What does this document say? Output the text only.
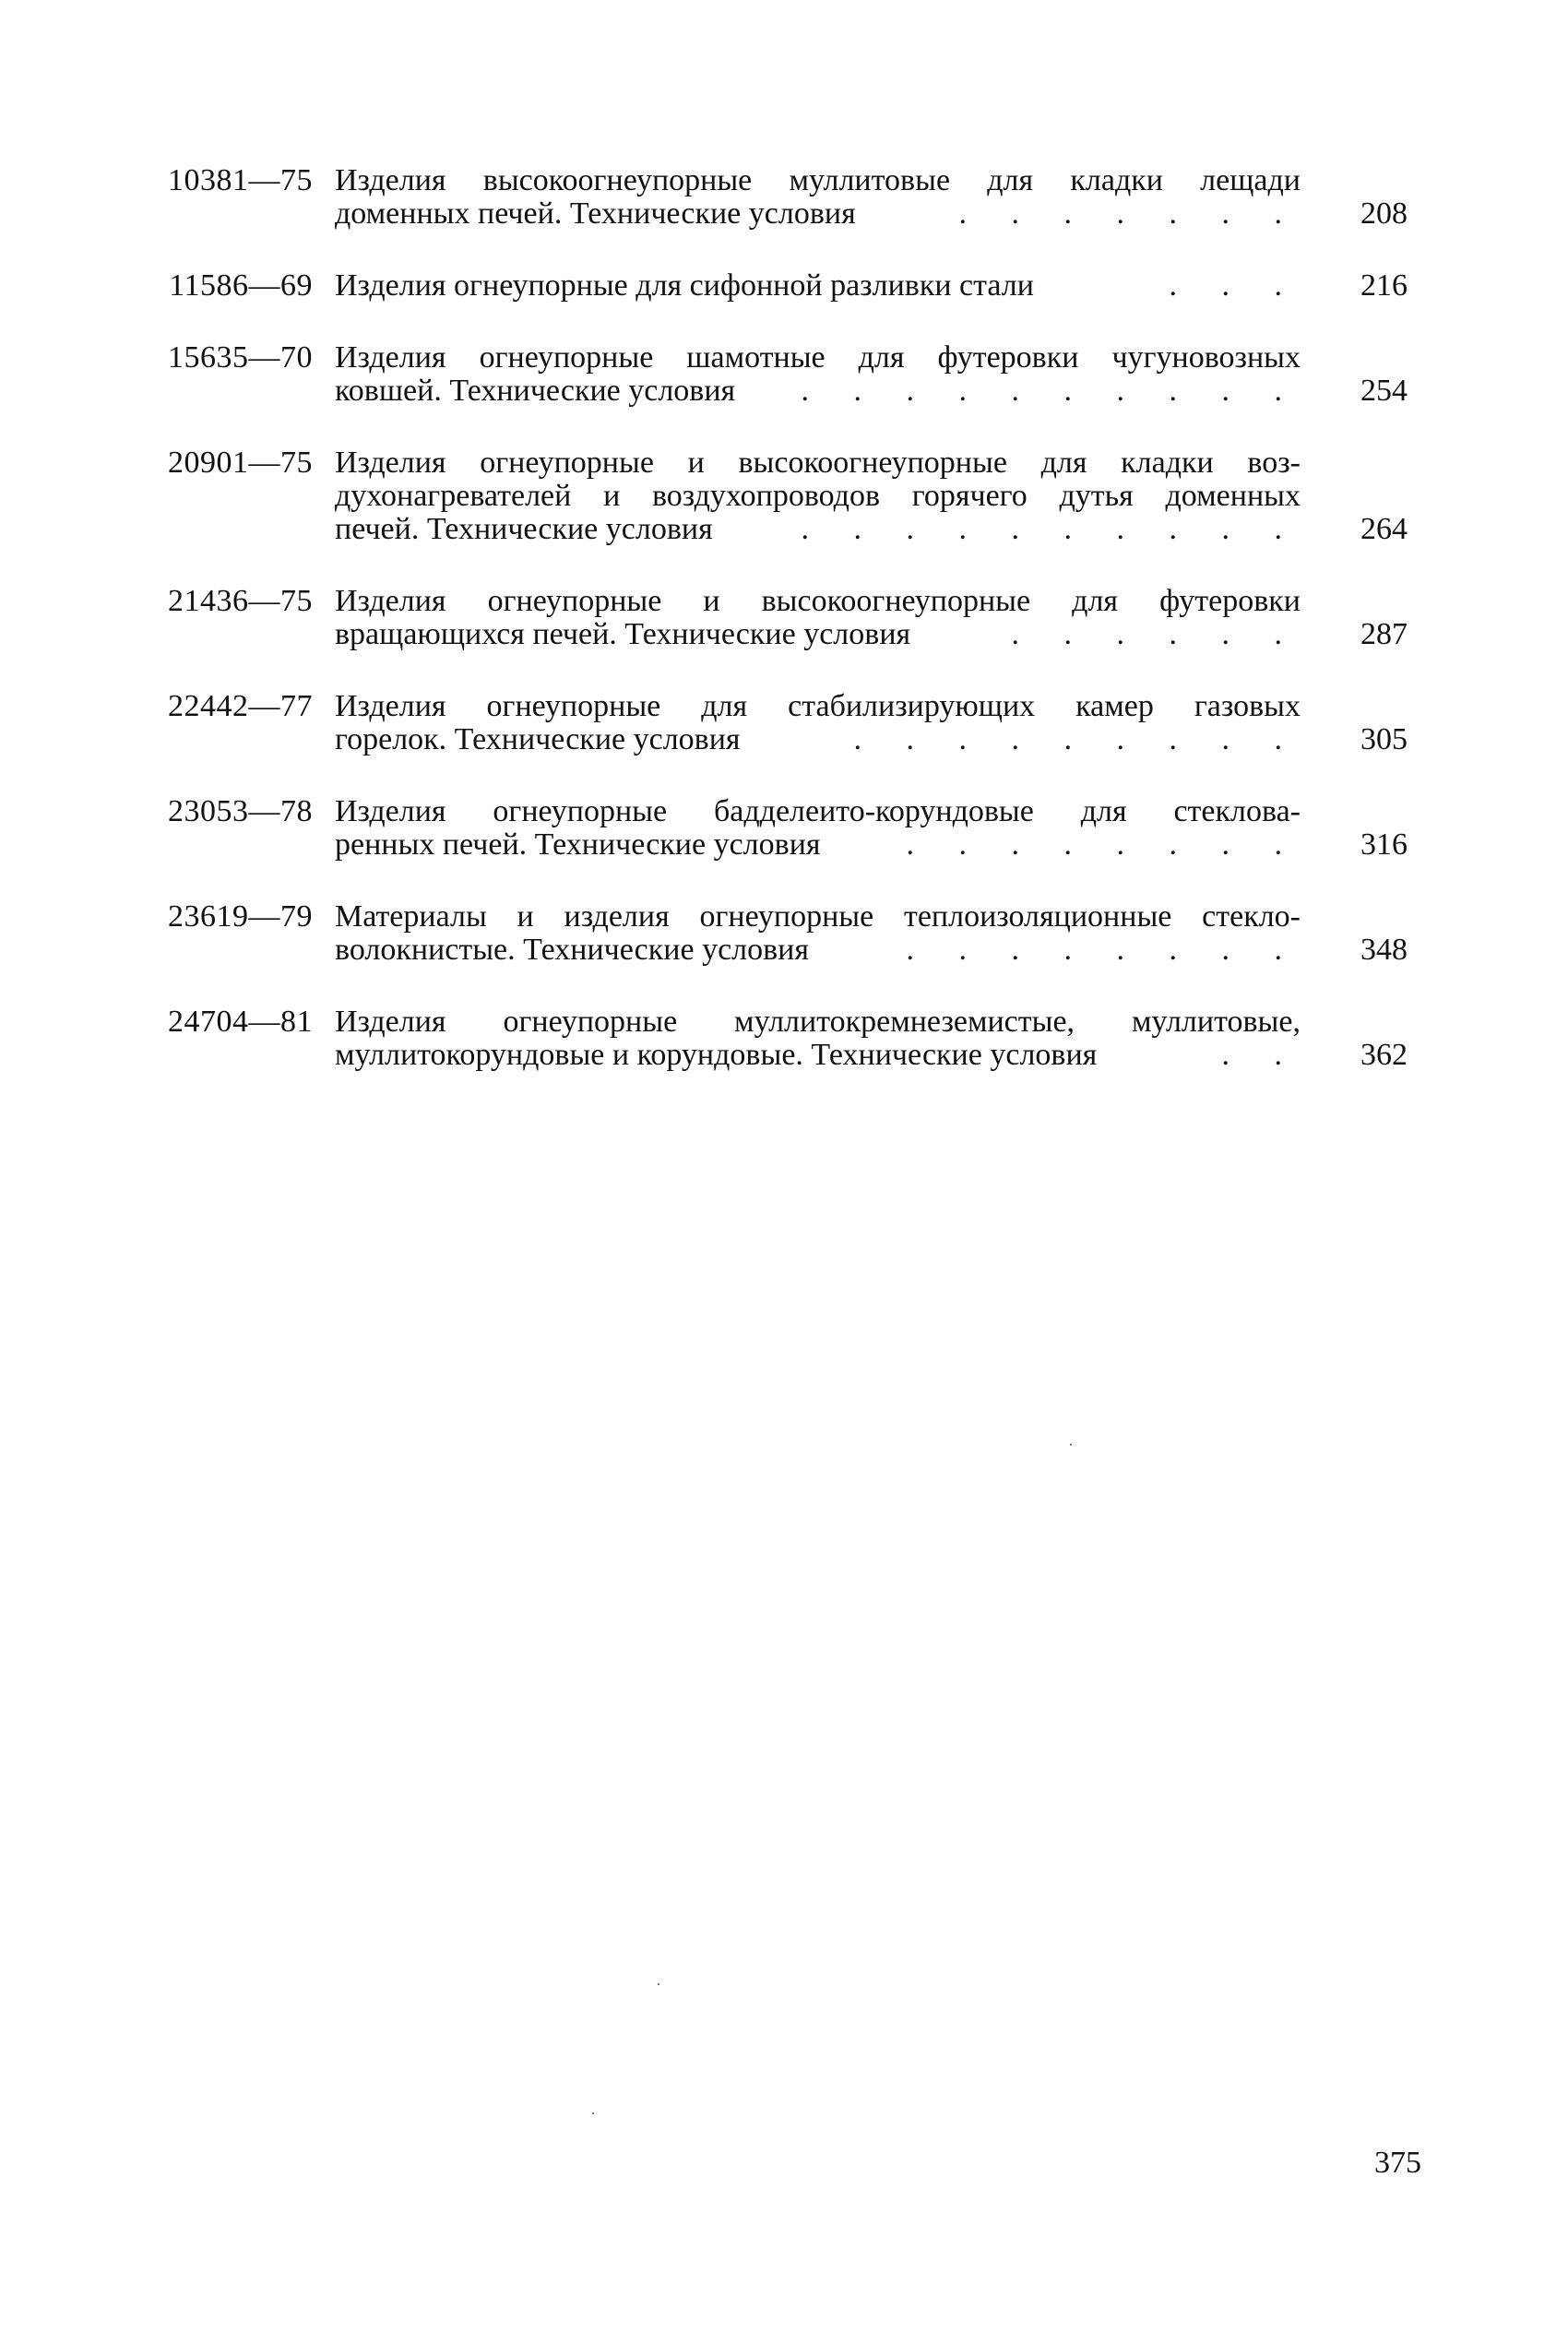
10381—75 Изделия высокоогнеупорные муллитовые для кладки лещади
доменных печей. Технические условия	. . . . . . .	208
11586—69 Изделия огнеупорные для сифонной разливки стали	. . .	216
15635—70 Изделия огнеупорные шамотные для футеровки чугуновозных
ковшей. Технические условия	. . . . . . . . . .	254
20901—75 Изделия огнеупорные и высокоогнеупорные для кладки воз-
духонагревателей и воздухопроводов горячего дутья доменных
печей. Технические условия	. . . . . . . . . .	264
21436—75 Изделия огнеупорные и высокоогнеупорные для футеровки
вращающихся печей. Технические условия	. . . . . .	287
22442—77 Изделия огнеупорные для стабилизирующих камер газовых
горелок. Технические условия	. . . . . . . . .	305
23053—78 Изделия огнеупорные бадделеито-корундовые для стеклова-
ренных печей. Технические условия	. . . . . . . .	316
23619—79 Материалы и изделия огнеупорные теплоизоляционные стекло-
волокнистые. Технические условия	. . . . . . . .	348
24704—81 Изделия огнеупорные муллитокремнеземистые, муллитовые,
муллитокорундовые и корундовые. Технические условия	. .	362
375
